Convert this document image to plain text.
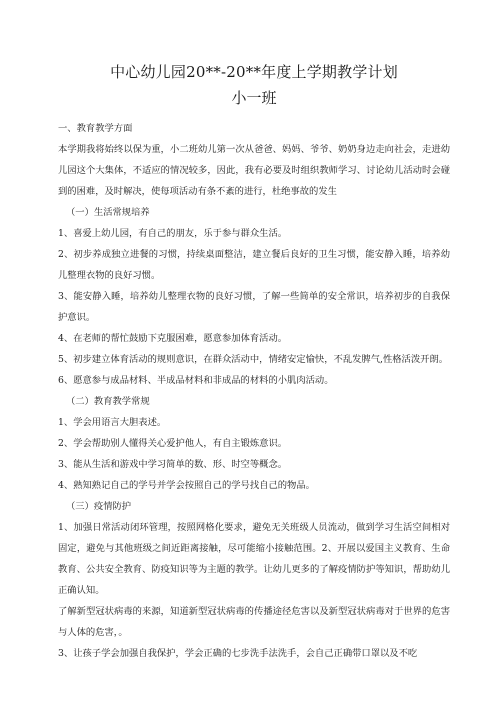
中心幼儿园20**-20**年度上学期教学计划
小一班
一、教育教学方面
本学期我将始终以保为重，小二班幼儿第一次从爸爸、妈妈、爷爷、奶奶身边走向社会，走进幼儿园这个大集体，不适应的情况较多，因此，我有必要及时组织教师学习、讨论幼儿活动时会碰到的困难，及时解决，使每项活动有条不紊的进行，杜绝事故的发生
（一）生活常规培养
1、喜爱上幼儿园，有自己的朋友，乐于参与群众生活。
2、初步养成独立进餐的习惯，持续桌面整洁，建立餐后良好的卫生习惯，能安静入睡，培养幼儿整理衣物的良好习惯。
3、能安静入睡，培养幼儿整理衣物的良好习惯，了解一些简单的安全常识，培养初步的自我保护意识。
4、在老师的帮忙鼓励下克服困难，愿意参加体育活动。
5、初步建立体育活动的规则意识，在群众活动中，情绪安定愉快，不乱发脾气,性格活泼开朗。
6、愿意参与成品材料、半成品材料和非成品的材料的小肌肉活动。
（二）教育教学常规
1、学会用语言大胆表述。
2、学会帮助别人懂得关心爱护他人，有自主锻炼意识。
3、能从生活和游戏中学习简单的数、形、时空等概念。
4、熟知熟记自己的学号并学会按照自己的学号找自己的物品。
（三）疫情防护
1、加强日常活动闭环管理，按照网格化要求，避免无关班级人员流动，做到学习生活空间相对固定，避免与其他班级之间近距离接触，尽可能缩小接触范围。2、开展以爱国主义教育、生命教育、公共安全教育、防疫知识等为主题的教学。让幼儿更多的了解疫情防护等知识，帮助幼儿正确认知。
了解新型冠状病毒的来源，知道新型冠状病毒的传播途径危害以及新型冠状病毒对于世界的危害与人体的危害，。
3、让孩子学会加强自我保护，学会正确的七步洗手法洗手，会自己正确带口罩以及不吃
